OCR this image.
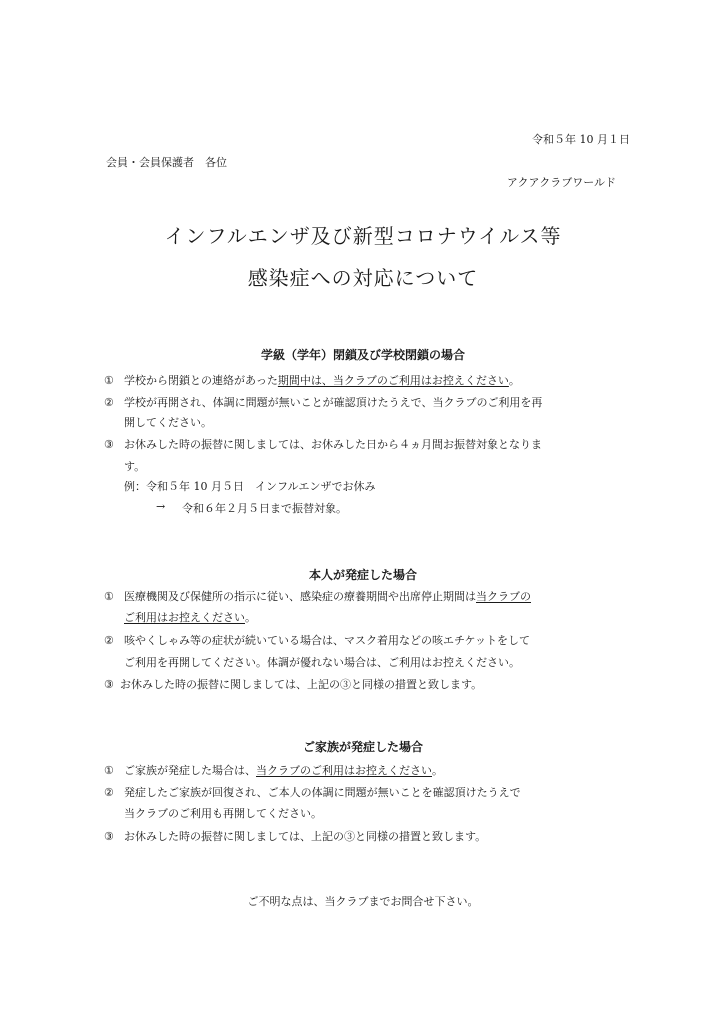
令和５年 10 月１日
会員・会員保護者　各位
アクアクラブワールド
インフルエンザ及び新型コロナウイルス等
感染症への対応について
学級（学年）閉鎖及び学校閉鎖の場合
① 学校から閉鎖との連絡があった期間中は、当クラブのご利用はお控えください。
② 学校が再開され、体調に問題が無いことが確認頂けたうえで、当クラブのご利用を再
開してください。
③ お休みした時の振替に関しましては、お休みした日から４ヵ月間お振替対象となりま
す。
例：令和５年 10 月５日　インフルエンザでお休み
→ 令和６年２月５日まで振替対象。
本人が発症した場合
① 医療機関及び保健所の指示に従い、感染症の療養期間や出席停止期間は当クラブの
ご利用はお控えください。
② 咳やくしゃみ等の症状が続いている場合は、マスク着用などの咳エチケットをして
ご利用を再開してください。体調が優れない場合は、ご利用はお控えください。
③ お休みした時の振替に関しましては、上記の③と同様の措置と致します。
ご家族が発症した場合
① ご家族が発症した場合は、当クラブのご利用はお控えください。
② 発症したご家族が回復され、ご本人の体調に問題が無いことを確認頂けたうえで
当クラブのご利用も再開してください。
③ お休みした時の振替に関しましては、上記の③と同様の措置と致します。
ご不明な点は、当クラブまでお問合せ下さい。
